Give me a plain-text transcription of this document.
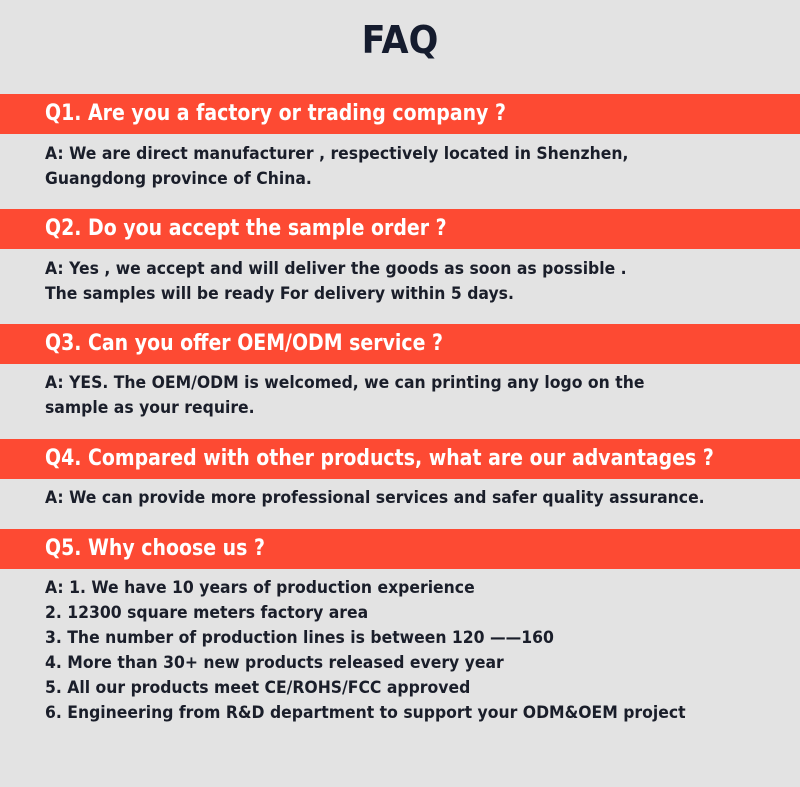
FAQ
Q1. Are you a factory or trading company ?
A: We are direct manufacturer , respectively located in Shenzhen,
Guangdong province of China.
Q2. Do you accept the sample order ?
A: Yes , we accept and will deliver the goods as soon as possible .
The samples will be ready For delivery within 5 days.
Q3. Can you offer OEM/ODM service ?
A: YES. The OEM/ODM is welcomed, we can printing any logo on the
sample as your require.
Q4. Compared with other products, what are our advantages ?
A: We can provide more professional services and safer quality assurance.
Q5. Why choose us ?
A: 1. We have 10 years of production experience
2. 12300 square meters factory area
3. The number of production lines is between 120 ——160
4. More than 30+ new products released every year
5. All our products meet CE/ROHS/FCC approved
6. Engineering from R&D department to support your ODM&OEM project
